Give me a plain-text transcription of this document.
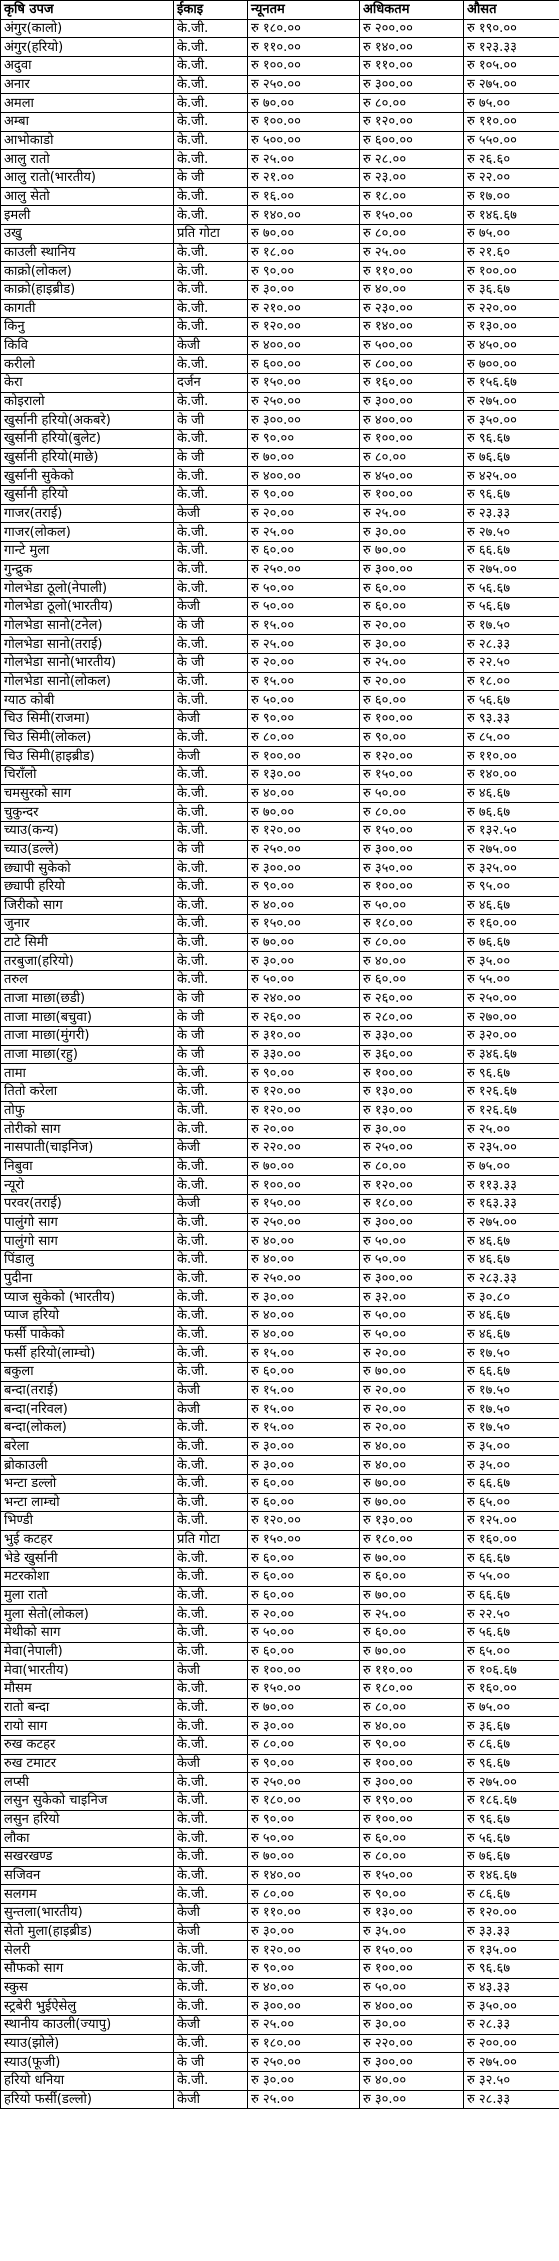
कृषि उपज	ईकाइ	न्यूनतम	अधिकतम	औसत
अंगुर(कालो)	के.जी.	रु १८०.००	रु २००.००	रु १९०.००
अंगुर(हरियो)	के.जी.	रु ११०.००	रु १४०.००	रु १२३.३३
अदुवा	के.जी.	रु १००.००	रु ११०.००	रु १०५.००
अनार	के.जी.	रु २५०.००	रु ३००.००	रु २७५.००
अमला	के.जी.	रु ७०.००	रु ८०.००	रु ७५.००
अम्बा	के.जी.	रु १००.००	रु १२०.००	रु ११०.००
आभोकाडो	के.जी.	रु ५००.००	रु ६००.००	रु ५५०.००
आलु रातो	के.जी.	रु २५.००	रु २८.००	रु २६.६०
आलु रातो(भारतीय)	के जी	रु २१.००	रु २३.००	रु २२.००
आलु सेतो	के.जी.	रु १६.००	रु १८.००	रु १७.००
इमली	के.जी.	रु १४०.००	रु १५०.००	रु १४६.६७
उखु	प्रति गोटा	रु ७०.००	रु ८०.००	रु ७५.००
काउली स्थानिय	के.जी.	रु १८.००	रु २५.००	रु २१.६०
काक्रो(लोकल)	के.जी.	रु ९०.००	रु ११०.००	रु १००.००
काक्रो(हाइब्रीड)	के.जी.	रु ३०.००	रु ४०.००	रु ३६.६७
कागती	के.जी.	रु २१०.००	रु २३०.००	रु २२०.००
किनु	के.जी.	रु १२०.००	रु १४०.००	रु १३०.००
किवि	केजी	रु ४००.००	रु ५००.००	रु ४५०.००
करीलो	के.जी.	रु ६००.००	रु ८००.००	रु ७००.००
केरा	दर्जन	रु १५०.००	रु १६०.००	रु १५६.६७
कोइरालो	के.जी.	रु २५०.००	रु ३००.००	रु २७५.००
खुर्सानी हरियो(अकबरे)	के जी	रु ३००.००	रु ४००.००	रु ३५०.००
खुर्सानी हरियो(बुलेट)	के.जी.	रु ९०.००	रु १००.००	रु ९६.६७
खुर्सानी हरियो(माछे)	के जी	रु ७०.००	रु ८०.००	रु ७६.६७
खुर्सानी सुकेको	के.जी.	रु ४००.००	रु ४५०.००	रु ४२५.००
खुर्सानी हरियो	के.जी.	रु ९०.००	रु १००.००	रु ९६.६७
गाजर(तराई)	केजी	रु २०.००	रु २५.००	रु २३.३३
गाजर(लोकल)	के.जी.	रु २५.००	रु ३०.००	रु २७.५०
गान्टे मुला	के.जी.	रु ६०.००	रु ७०.००	रु ६६.६७
गुन्द्रुक	के.जी.	रु २५०.००	रु ३००.००	रु २७५.००
गोलभेडा ठूलो(नेपाली)	के.जी.	रु ५०.००	रु ६०.००	रु ५६.६७
गोलभेडा ठूलो(भारतीय)	केजी	रु ५०.००	रु ६०.००	रु ५६.६७
गोलभेडा सानो(टनेल)	के जी	रु १५.००	रु २०.००	रु १७.५०
गोलभेडा सानो(तराई)	के.जी.	रु २५.००	रु ३०.००	रु २८.३३
गोलभेडा सानो(भारतीय)	के जी	रु २०.००	रु २५.००	रु २२.५०
गोलभेडा सानो(लोकल)	के.जी.	रु १५.००	रु २०.००	रु १८.००
ग्याठ कोबी	के.जी.	रु ५०.००	रु ६०.००	रु ५६.६७
चिउ सिमी(राजमा)	केजी	रु ९०.००	रु १००.००	रु ९३.३३
चिउ सिमी(लोकल)	के.जी.	रु ८०.००	रु ९०.००	रु ८५.००
चिउ सिमी(हाइब्रीड)	केजी	रु १००.००	रु १२०.००	रु ११०.००
चिराँलो	के.जी.	रु १३०.००	रु १५०.००	रु १४०.००
चमसुरको साग	के.जी.	रु ४०.००	रु ५०.००	रु ४६.६७
चुकुन्दर	के.जी.	रु ७०.००	रु ८०.००	रु ७६.६७
च्याउ(कन्य)	के.जी.	रु १२०.००	रु १५०.००	रु १३२.५०
च्याउ(डल्ले)	के जी	रु २५०.००	रु ३००.००	रु २७५.००
छ्यापी सुकेको	के.जी.	रु ३००.००	रु ३५०.००	रु ३२५.००
छ्यापी हरियो	के.जी.	रु ९०.००	रु १००.००	रु ९५.००
जिरीको साग	के.जी.	रु ४०.००	रु ५०.००	रु ४६.६७
जुनार	के.जी.	रु १५०.००	रु १८०.००	रु १६०.००
टाटे सिमी	के.जी.	रु ७०.००	रु ८०.००	रु ७६.६७
तरबुजा(हरियो)	के.जी.	रु ३०.००	रु ४०.००	रु ३५.००
तरुल	के.जी.	रु ५०.००	रु ६०.००	रु ५५.००
ताजा माछा(छडी)	के जी	रु २४०.००	रु २६०.००	रु २५०.००
ताजा माछा(बचुवा)	के जी	रु २६०.००	रु २८०.००	रु २७०.००
ताजा माछा(मुंगरी)	के जी	रु ३१०.००	रु ३३०.००	रु ३२०.००
ताजा माछा(रहु)	के जी	रु ३३०.००	रु ३६०.००	रु ३४६.६७
तामा	के.जी.	रु ९०.००	रु १००.००	रु ९६.६७
तितो करेला	के.जी.	रु १२०.००	रु १३०.००	रु १२६.६७
तोफु	के.जी.	रु १२०.००	रु १३०.००	रु १२६.६७
तोरीको साग	के.जी.	रु २०.००	रु ३०.००	रु २५.००
नासपाती(चाइनिज)	केजी	रु २२०.००	रु २५०.००	रु २३५.००
निबुवा	के.जी.	रु ७०.००	रु ८०.००	रु ७५.००
न्यूरो	के.जी.	रु १००.००	रु १२०.००	रु ११३.३३
परवर(तराई)	केजी	रु १५०.००	रु १८०.००	रु १६३.३३
पालुंगो साग	के.जी.	रु २५०.००	रु ३००.००	रु २७५.००
पालुंगो साग	के.जी.	रु ४०.००	रु ५०.००	रु ४६.६७
पिंडालु	के.जी.	रु ४०.००	रु ५०.००	रु ४६.६७
पुदीना	के.जी.	रु २५०.००	रु ३००.००	रु २८३.३३
प्याज सुकेको (भारतीय)	के.जी.	रु ३०.००	रु ३२.००	रु ३०.८०
प्याज हरियो	के.जी.	रु ४०.००	रु ५०.००	रु ४६.६७
फर्सी पाकेको	के.जी.	रु ४०.००	रु ५०.००	रु ४६.६७
फर्सी हरियो(लाम्चो)	के.जी.	रु १५.००	रु २०.००	रु १७.५०
बकुला	के.जी.	रु ६०.००	रु ७०.००	रु ६६.६७
बन्दा(तराई)	केजी	रु १५.००	रु २०.००	रु १७.५०
बन्दा(नरिवल)	केजी	रु १५.००	रु २०.००	रु १७.५०
बन्दा(लोकल)	के.जी.	रु १५.००	रु २०.००	रु १७.५०
बरेला	के.जी.	रु ३०.००	रु ४०.००	रु ३५.००
ब्रोकाउली	के.जी.	रु ३०.००	रु ४०.००	रु ३५.००
भन्टा डल्लो	के.जी.	रु ६०.००	रु ७०.००	रु ६६.६७
भन्टा लाम्चो	के.जी.	रु ६०.००	रु ७०.००	रु ६५.००
भिण्डी	के.जी.	रु १२०.००	रु १३०.००	रु १२५.००
भुई कटहर	प्रति गोटा	रु १५०.००	रु १८०.००	रु १६०.००
भेडे खुर्सानी	के.जी.	रु ६०.००	रु ७०.००	रु ६६.६७
मटरकोशा	के.जी.	रु ६०.००	रु ६०.००	रु ५५.००
मुला रातो	के.जी.	रु ६०.००	रु ७०.००	रु ६६.६७
मुला सेतो(लोकल)	के.जी.	रु २०.००	रु २५.००	रु २२.५०
मेथीको साग	के.जी.	रु ५०.००	रु ६०.००	रु ५६.६७
मेवा(नेपाली)	के.जी.	रु ६०.००	रु ७०.००	रु ६५.००
मेवा(भारतीय)	केजी	रु १००.००	रु ११०.००	रु १०६.६७
मौसम	के.जी.	रु १५०.००	रु १८०.००	रु १६०.००
रातो बन्दा	के.जी.	रु ७०.००	रु ८०.००	रु ७५.००
रायो साग	के.जी.	रु ३०.००	रु ४०.००	रु ३६.६७
रुख कटहर	के.जी.	रु ८०.००	रु ९०.००	रु ८६.६७
रुख टमाटर	केजी	रु ९०.००	रु १००.००	रु ९६.६७
लप्सी	के.जी.	रु २५०.००	रु ३००.००	रु २७५.००
लसुन सुकेको चाइनिज	के.जी.	रु १८०.००	रु १९०.००	रु १८६.६७
लसुन हरियो	के.जी.	रु ९०.००	रु १००.००	रु ९६.६७
लौका	के.जी.	रु ५०.००	रु ६०.००	रु ५६.६७
सखरखण्ड	के.जी.	रु ७०.००	रु ८०.००	रु ७६.६७
सजिवन	के.जी.	रु १४०.००	रु १५०.००	रु १४६.६७
सलगम	के.जी.	रु ८०.००	रु ९०.००	रु ८६.६७
सुन्तला(भारतीय)	केजी	रु ११०.००	रु १३०.००	रु १२०.००
सेतो मुला(हाइब्रीड)	केजी	रु ३०.००	रु ३५.००	रु ३३.३३
सेलरी	के.जी.	रु १२०.००	रु १५०.००	रु १३५.००
सौफको साग	के.जी.	रु ९०.००	रु १००.००	रु ९६.६७
स्कुस	के.जी.	रु ४०.००	रु ५०.००	रु ४३.३३
स्ट्रबेरी भुईऐसेलु	के.जी.	रु ३००.००	रु ४००.००	रु ३५०.००
स्थानीय काउली(ज्यापु)	केजी	रु २५.००	रु ३०.००	रु २८.३३
स्याउ(झोले)	के.जी.	रु १८०.००	रु २२०.००	रु २००.००
स्याउ(फूजी)	के जी	रु २५०.००	रु ३००.००	रु २७५.००
हरियो धनिया	के.जी.	रु ३०.००	रु ४०.००	रु ३२.५०
हरियो फर्सी(डल्लो)	केजी	रु २५.००	रु ३०.००	रु २८.३३
